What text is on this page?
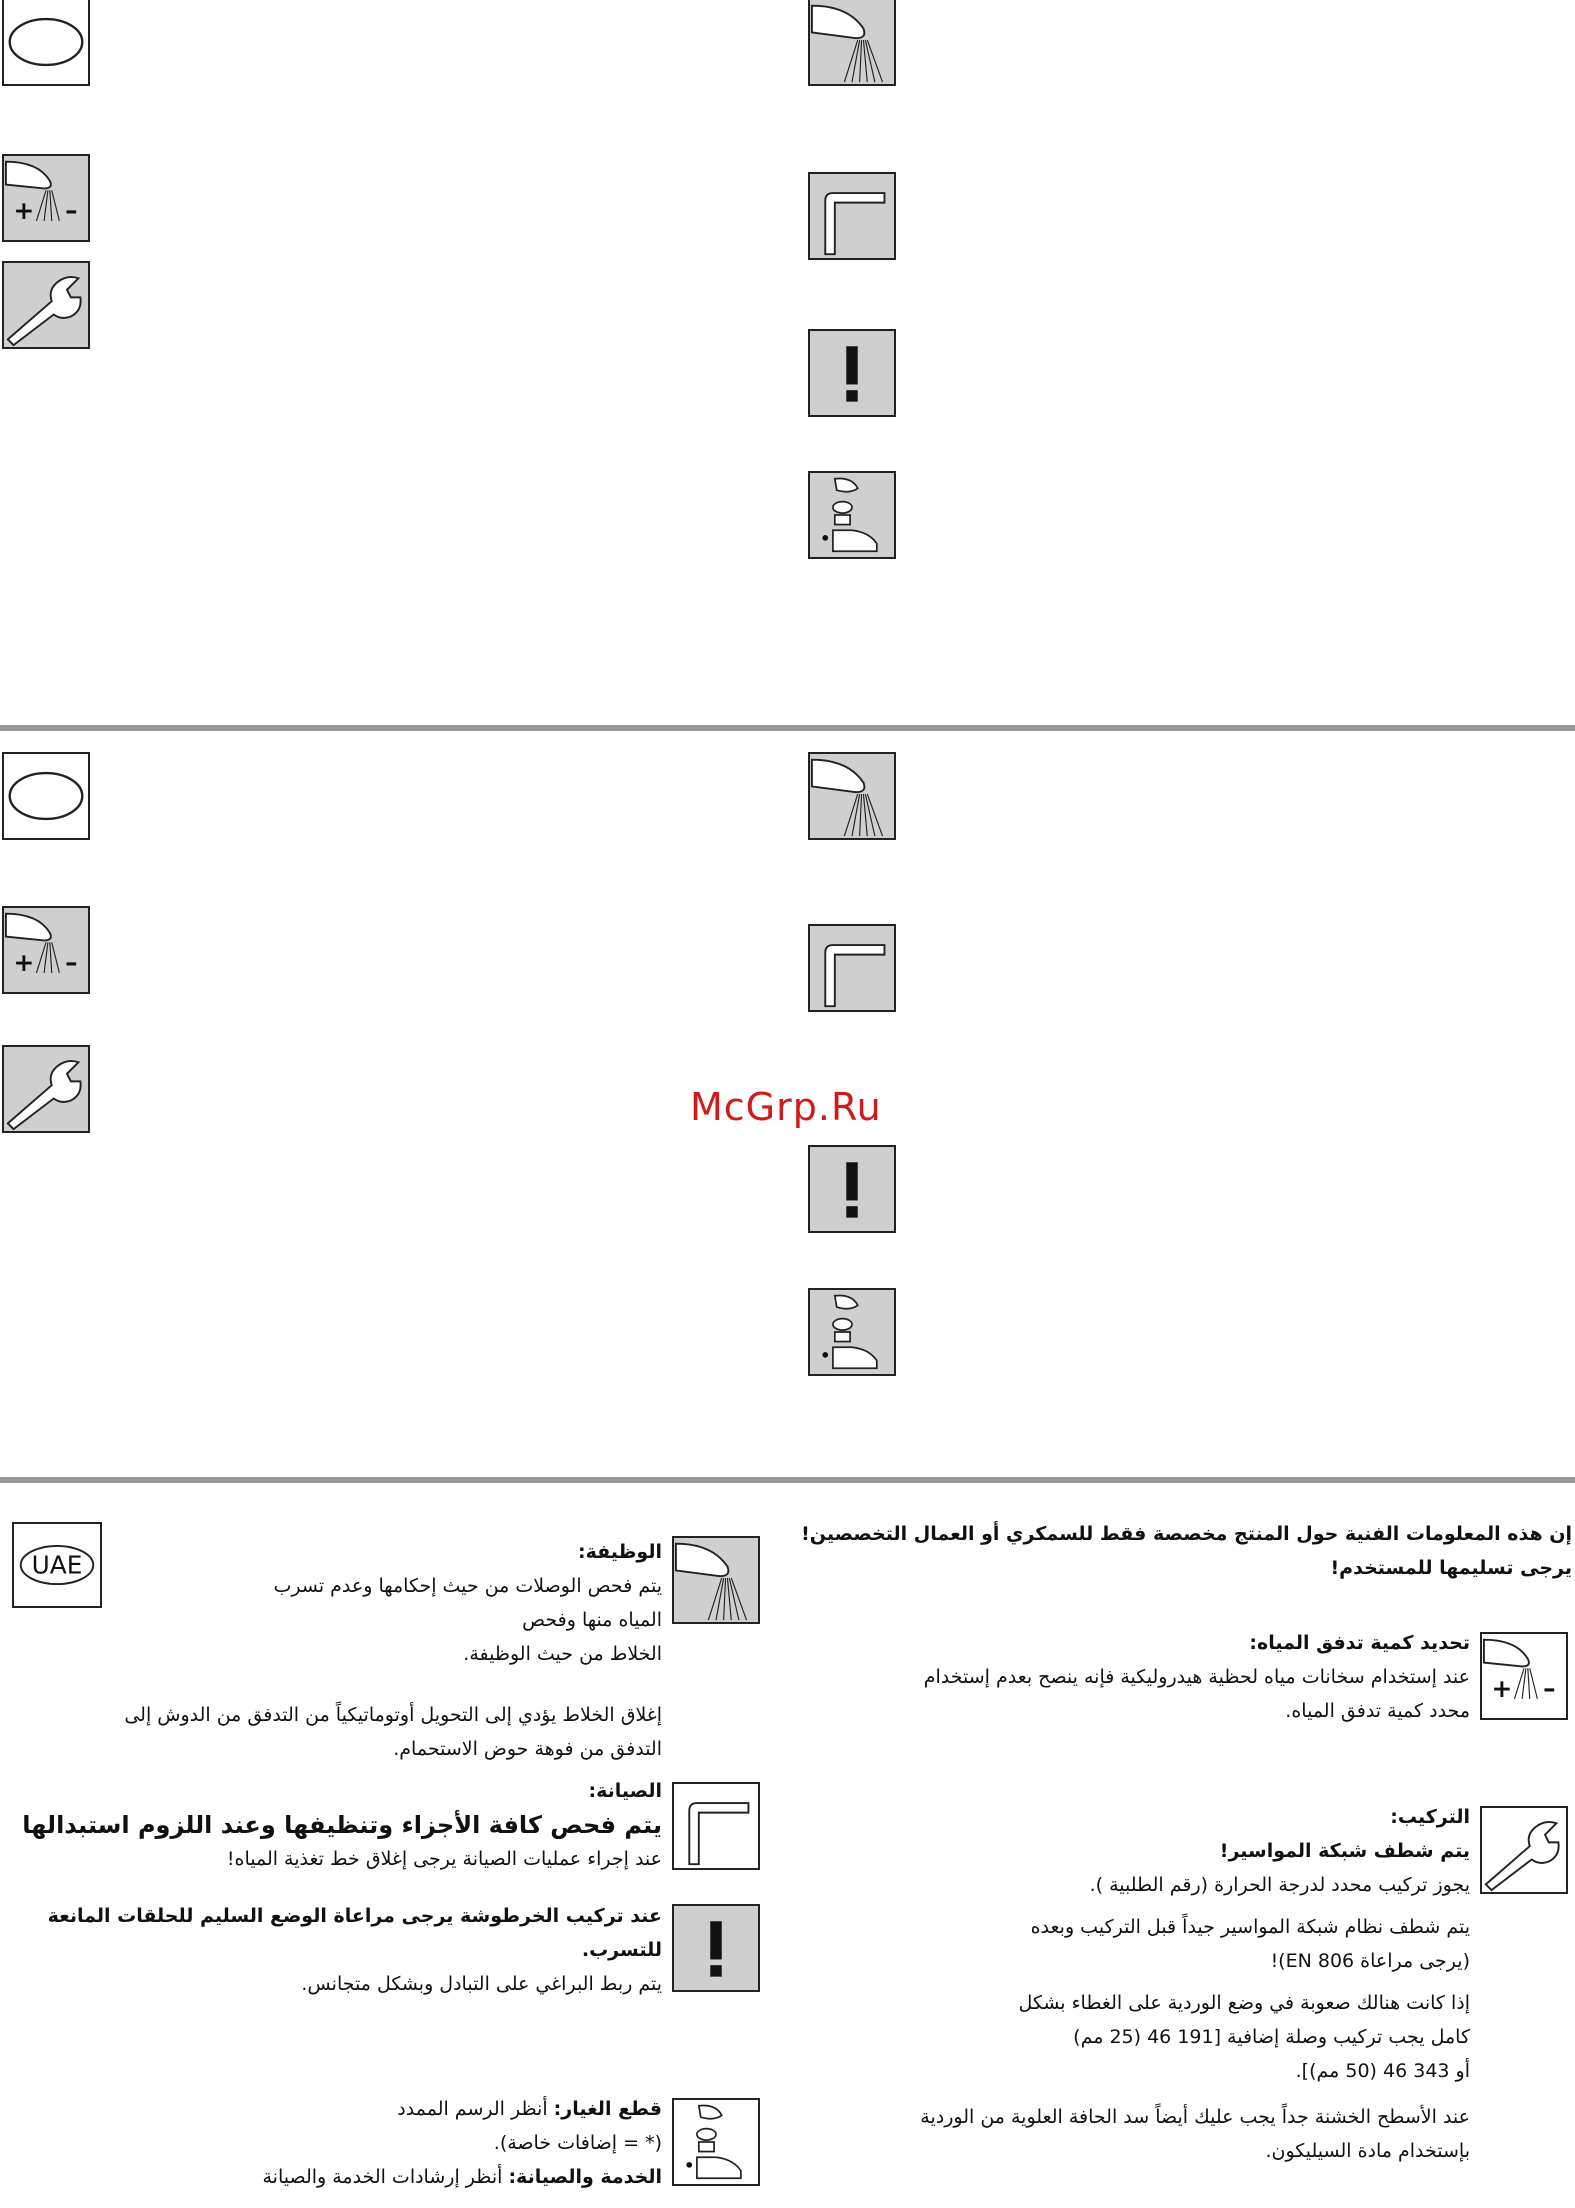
+ –
+ –
McGrp.Ru
UAE

إن هذه المعلومات الفنية حول المنتج مخصصة فقط للسمكري أو العمال التخصصين!

يرجى تسليمها للمستخدم!

+ –

تحديد كمية تدفق المياه:

عند إستخدام سخانات مياه لحظية هيدروليكية فإنه ينصح بعدم إستخدام

محدد كمية تدفق المياه.

التركيب:

يتم شطف شبكة المواسير!

يجوز تركيب محدد لدرجة الحرارة (رقم الطلبية ).

يتم شطف نظام شبكة المواسير جيداً قبل التركيب وبعده

(يرجى مراعاة EN 806)!

إذا كانت هنالك صعوبة في وضع الوردية على الغطاء بشكل

كامل يجب تركيب وصلة إضافية [191 46 (25 مم)

أو 343 46 (50 مم)].

عند الأسطح الخشنة جداً يجب عليك أيضاً سد الحافة العلوية من الوردية

بإستخدام مادة السيليكون.

الوظيفة:

يتم فحص الوصلات من حيث إحكامها وعدم تسرب

المياه منها وفحص

الخلاط من حيث الوظيفة.

إغلاق الخلاط يؤدي إلى التحويل أوتوماتيكياً من التدفق من الدوش إلى

التدفق من فوهة حوض الاستحمام.

الصيانة:

يتم فحص كافة الأجزاء وتنظيفها وعند اللزوم استبدالها

عند إجراء عمليات الصيانة يرجى إغلاق خط تغذية المياه!

عند تركيب الخرطوشة يرجى مراعاة الوضع السليم للحلقات المانعة للتسرب.

يتم ربط البراغي على التبادل وبشكل متجانس.

قطع الغيار: أنظر الرسم الممدد

(* = إضافات خاصة).

الخدمة والصيانة: أنظر إرشادات الخدمة والصيانة
